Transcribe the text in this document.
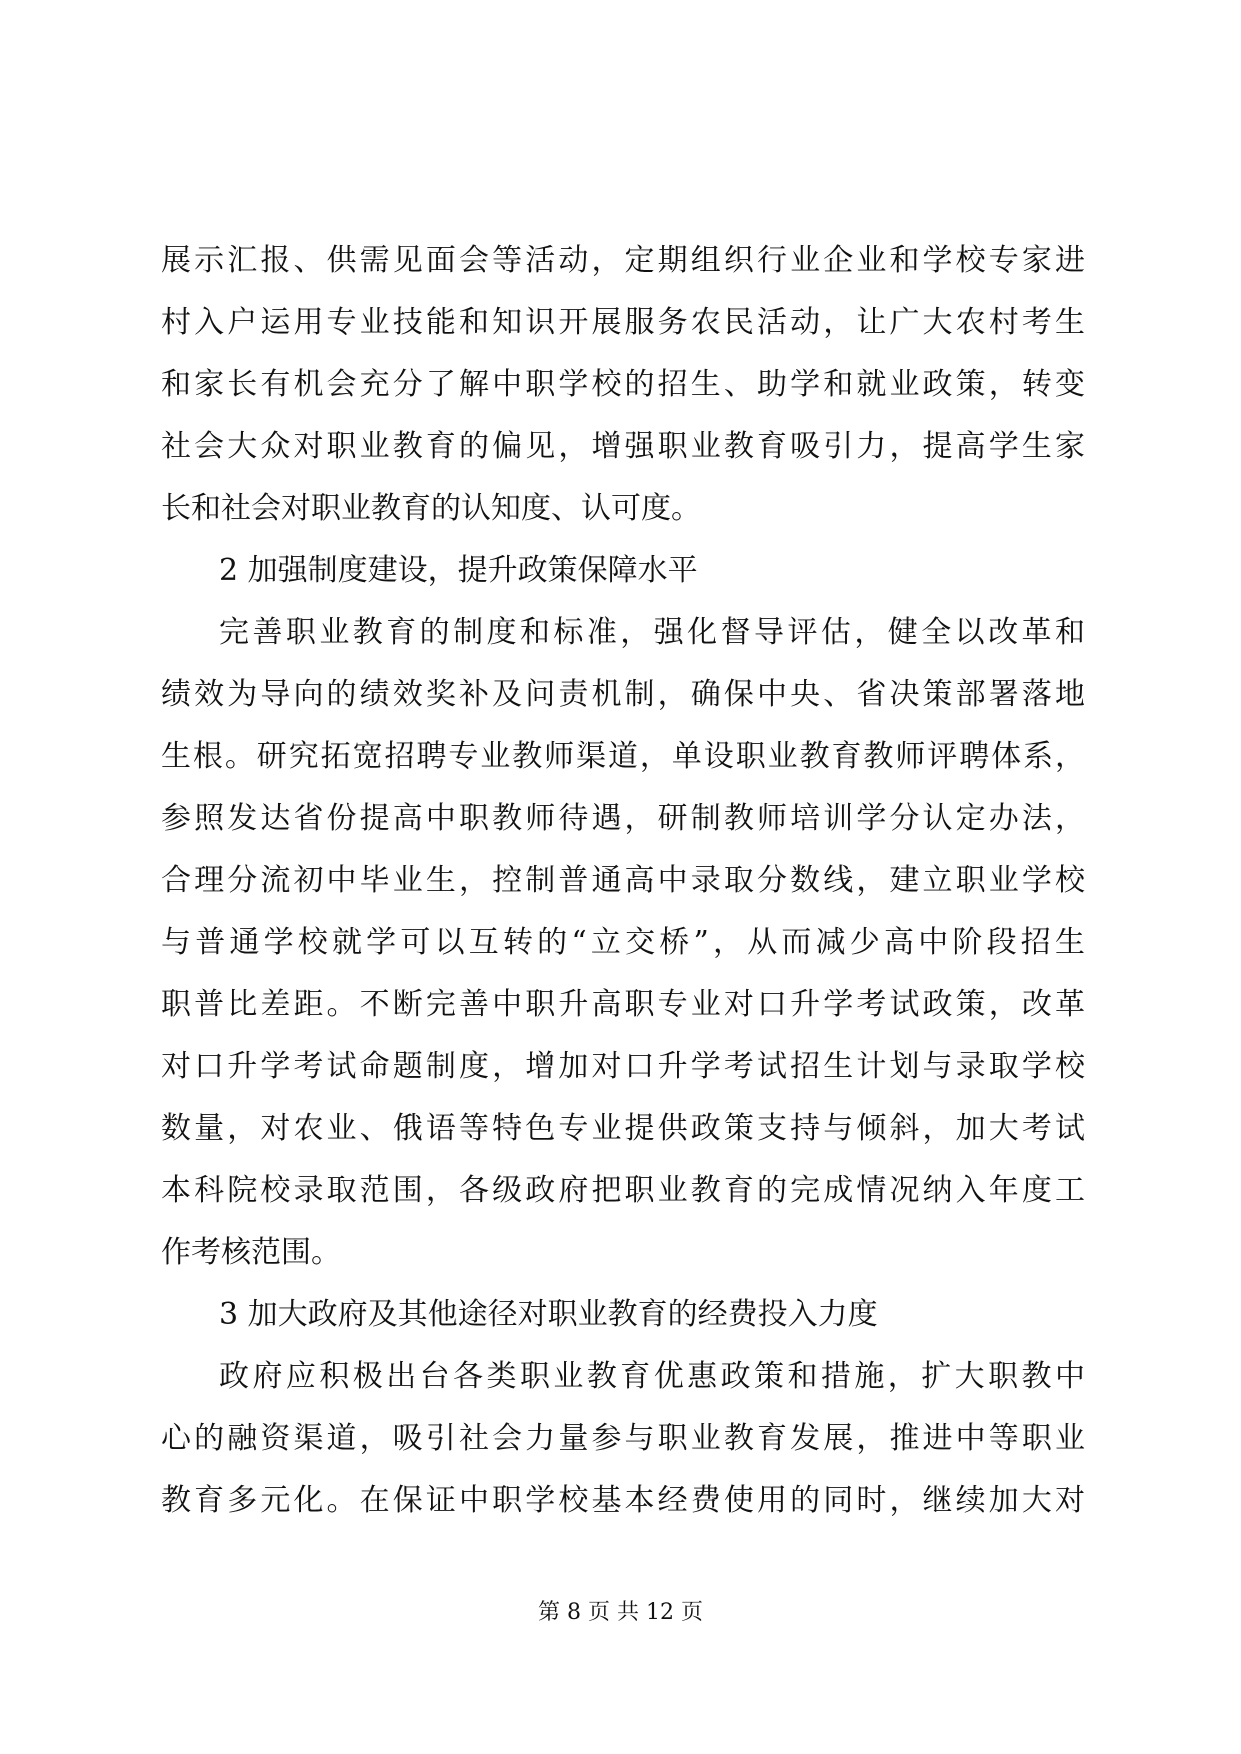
展示汇报、供需见面会等活动，定期组织行业企业和学校专家进
村入户运用专业技能和知识开展服务农民活动，让广大农村考生
和家长有机会充分了解中职学校的招生、助学和就业政策，转变
社会大众对职业教育的偏见，增强职业教育吸引力，提高学生家
长和社会对职业教育的认知度、认可度。
2 加强制度建设，提升政策保障水平
完善职业教育的制度和标准，强化督导评估，健全以改革和
绩效为导向的绩效奖补及问责机制，确保中央、省决策部署落地
生根。研究拓宽招聘专业教师渠道，单设职业教育教师评聘体系，
参照发达省份提高中职教师待遇，研制教师培训学分认定办法，
合理分流初中毕业生，控制普通高中录取分数线，建立职业学校
与普通学校就学可以互转的“立交桥”，从而减少高中阶段招生
职普比差距。不断完善中职升高职专业对口升学考试政策，改革
对口升学考试命题制度，增加对口升学考试招生计划与录取学校
数量，对农业、俄语等特色专业提供政策支持与倾斜，加大考试
本科院校录取范围，各级政府把职业教育的完成情况纳入年度工
作考核范围。
3 加大政府及其他途径对职业教育的经费投入力度
政府应积极出台各类职业教育优惠政策和措施，扩大职教中
心的融资渠道，吸引社会力量参与职业教育发展，推进中等职业
教育多元化。在保证中职学校基本经费使用的同时，继续加大对
第 8 页 共 12 页
